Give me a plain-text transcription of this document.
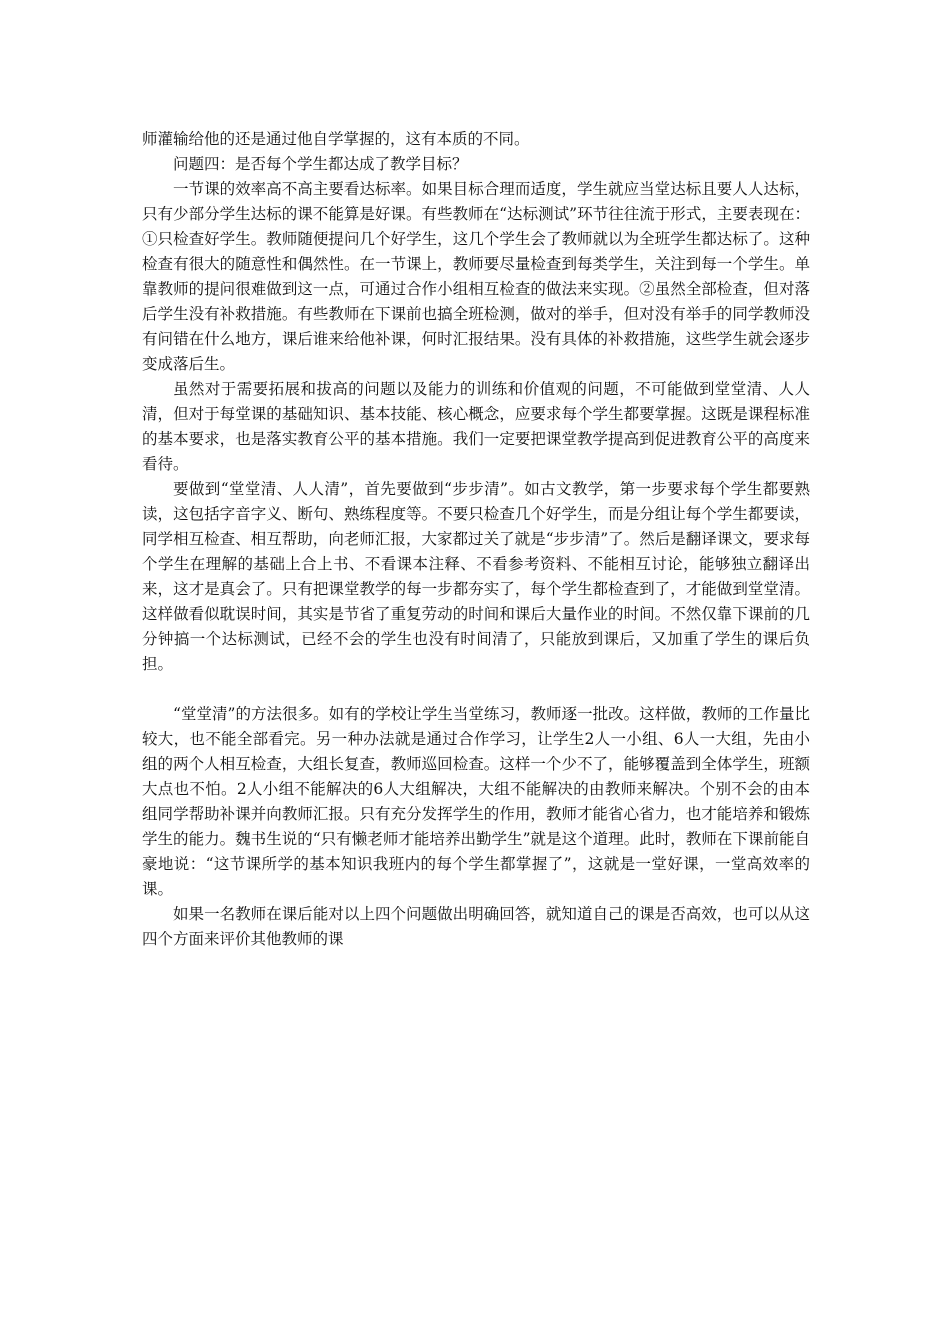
师灌输给他的还是通过他自学掌握的，这有本质的不同。

问题四：是否每个学生都达成了教学目标？

一节课的效率高不高主要看达标率。如果目标合理而适度，学生就应当堂达标且要人人达标，只有少部分学生达标的课不能算是好课。有些教师在“达标测试”环节往往流于形式，主要表现在：①只检查好学生。教师随便提问几个好学生，这几个学生会了教师就以为全班学生都达标了。这种检查有很大的随意性和偶然性。在一节课上，教师要尽量检查到每类学生，关注到每一个学生。单靠教师的提问很难做到这一点，可通过合作小组相互检查的做法来实现。②虽然全部检查，但对落后学生没有补救措施。有些教师在下课前也搞全班检测，做对的举手，但对没有举手的同学教师没有问错在什么地方，课后谁来给他补课，何时汇报结果。没有具体的补救措施，这些学生就会逐步变成落后生。

虽然对于需要拓展和拔高的问题以及能力的训练和价值观的问题，不可能做到堂堂清、人人清，但对于每堂课的基础知识、基本技能、核心概念，应要求每个学生都要掌握。这既是课程标准的基本要求，也是落实教育公平的基本措施。我们一定要把课堂教学提高到促进教育公平的高度来看待。

要做到“堂堂清、人人清”，首先要做到“步步清”。如古文教学，第一步要求每个学生都要熟读，这包括字音字义、断句、熟练程度等。不要只检查几个好学生，而是分组让每个学生都要读，同学相互检查、相互帮助，向老师汇报，大家都过关了就是“步步清”了。然后是翻译课文，要求每个学生在理解的基础上合上书、不看课本注释、不看参考资料、不能相互讨论，能够独立翻译出来，这才是真会了。只有把课堂教学的每一步都夯实了，每个学生都检查到了，才能做到堂堂清。这样做看似耽误时间，其实是节省了重复劳动的时间和课后大量作业的时间。不然仅靠下课前的几分钟搞一个达标测试，已经不会的学生也没有时间清了，只能放到课后，又加重了学生的课后负担。

“堂堂清”的方法很多。如有的学校让学生当堂练习，教师逐一批改。这样做，教师的工作量比较大，也不能全部看完。另一种办法就是通过合作学习，让学生2人一小组、6人一大组，先由小组的两个人相互检查，大组长复查，教师巡回检查。这样一个少不了，能够覆盖到全体学生，班额大点也不怕。2人小组不能解决的6人大组解决，大组不能解决的由教师来解决。个别不会的由本组同学帮助补课并向教师汇报。只有充分发挥学生的作用，教师才能省心省力，也才能培养和锻炼学生的能力。魏书生说的“只有懒老师才能培养出勤学生”就是这个道理。此时，教师在下课前能自豪地说：“这节课所学的基本知识我班内的每个学生都掌握了”，这就是一堂好课，一堂高效率的课。

如果一名教师在课后能对以上四个问题做出明确回答，就知道自己的课是否高效，也可以从这四个方面来评价其他教师的课
